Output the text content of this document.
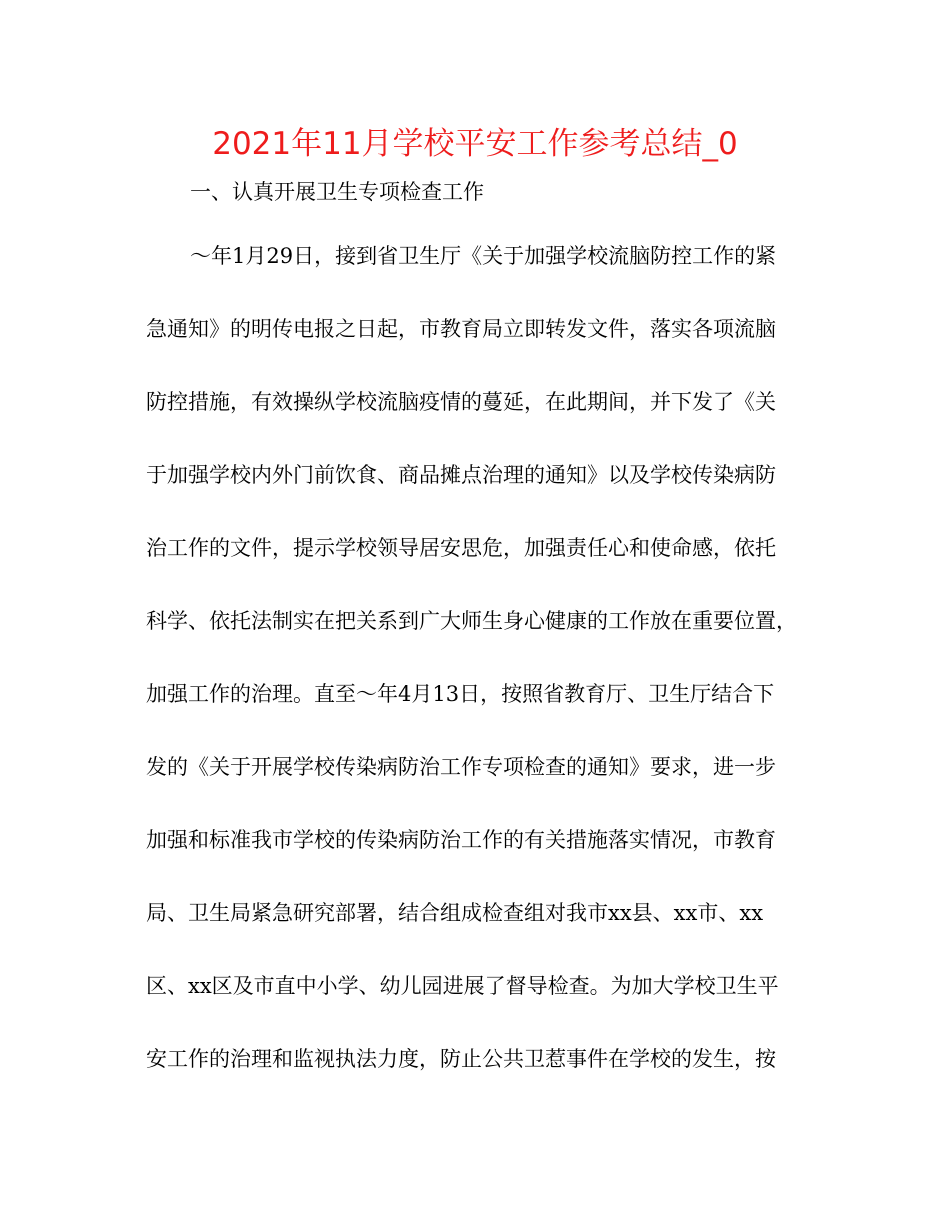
2021年11月学校平安工作参考总结_0
一、认真开展卫生专项检查工作
～年1月29日，接到省卫生厅《关于加强学校流脑防控工作的紧
急通知》的明传电报之日起，市教育局立即转发文件，落实各项流脑
防控措施，有效操纵学校流脑疫情的蔓延，在此期间，并下发了《关
于加强学校内外门前饮食、商品摊点治理的通知》以及学校传染病防
治工作的文件，提示学校领导居安思危，加强责任心和使命感，依托
科学、依托法制实在把关系到广大师生身心健康的工作放在重要位置，
加强工作的治理。直至～年4月13日，按照省教育厅、卫生厅结合下
发的《关于开展学校传染病防治工作专项检查的通知》要求，进一步
加强和标准我市学校的传染病防治工作的有关措施落实情况，市教育
局、卫生局紧急研究部署，结合组成检查组对我市xx县、xx市、xx
区、xx区及市直中小学、幼儿园进展了督导检查。为加大学校卫生平
安工作的治理和监视执法力度，防止公共卫惹事件在学校的发生，按
